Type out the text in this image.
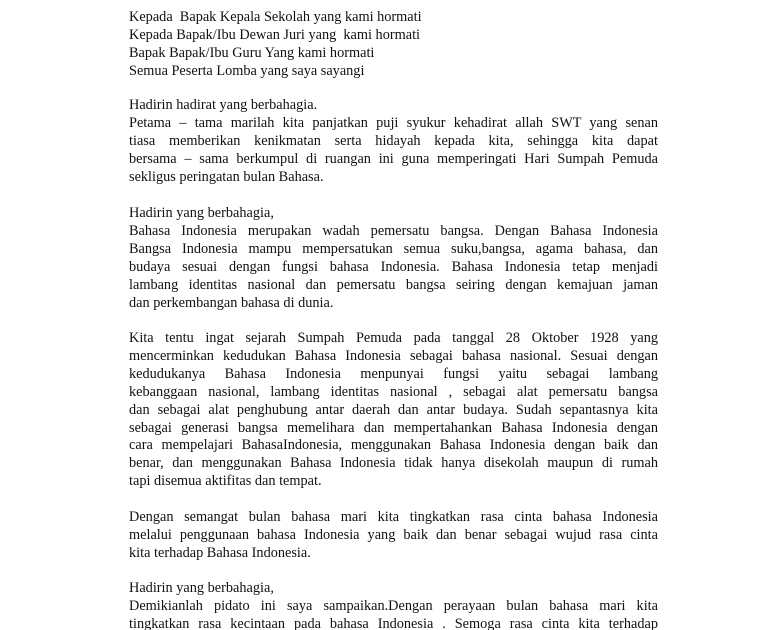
Kepada  Bapak Kepala Sekolah yang kami hormati
Kepada Bapak/Ibu Dewan Juri yang  kami hormati
Bapak Bapak/Ibu Guru Yang kami hormati
Semua Peserta Lomba yang saya sayangi
Hadirin hadirat yang berbahagia.
Petama – tama marilah kita panjatkan puji syukur kehadirat allah SWT yang senan
tiasa memberikan kenikmatan serta hidayah kepada kita, sehingga kita dapat
bersama – sama berkumpul di ruangan ini guna memperingati Hari Sumpah Pemuda
sekligus peringatan bulan Bahasa.
Hadirin yang berbahagia,
Bahasa Indonesia merupakan wadah pemersatu bangsa. Dengan Bahasa Indonesia
Bangsa Indonesia mampu mempersatukan semua suku,bangsa, agama bahasa, dan
budaya sesuai dengan fungsi bahasa Indonesia. Bahasa Indonesia tetap menjadi
lambang identitas nasional dan pemersatu bangsa seiring dengan kemajuan jaman
dan perkembangan bahasa di dunia.
Kita tentu ingat sejarah Sumpah Pemuda pada tanggal 28 Oktober 1928 yang
mencerminkan kedudukan Bahasa Indonesia sebagai bahasa nasional. Sesuai dengan
kedudukanya Bahasa Indonesia menpunyai fungsi yaitu sebagai lambang
kebanggaan nasional, lambang identitas nasional , sebagai alat pemersatu bangsa
dan sebagai alat penghubung antar daerah dan antar budaya. Sudah sepantasnya kita
sebagai generasi bangsa memelihara dan mempertahankan Bahasa Indonesia dengan
cara mempelajari BahasaIndonesia, menggunakan Bahasa Indonesia dengan baik dan
benar, dan menggunakan Bahasa Indonesia tidak hanya disekolah maupun di rumah
tapi disemua aktifitas dan tempat.
Dengan semangat bulan bahasa mari kita tingkatkan rasa cinta bahasa Indonesia
melalui penggunaan bahasa Indonesia yang baik dan benar sebagai wujud rasa cinta
kita terhadap Bahasa Indonesia.
Hadirin yang berbahagia,
Demikianlah pidato ini saya sampaikan.Dengan perayaan bulan bahasa mari kita
tingkatkan rasa kecintaan pada bahasa Indonesia . Semoga rasa cinta kita terhadap
